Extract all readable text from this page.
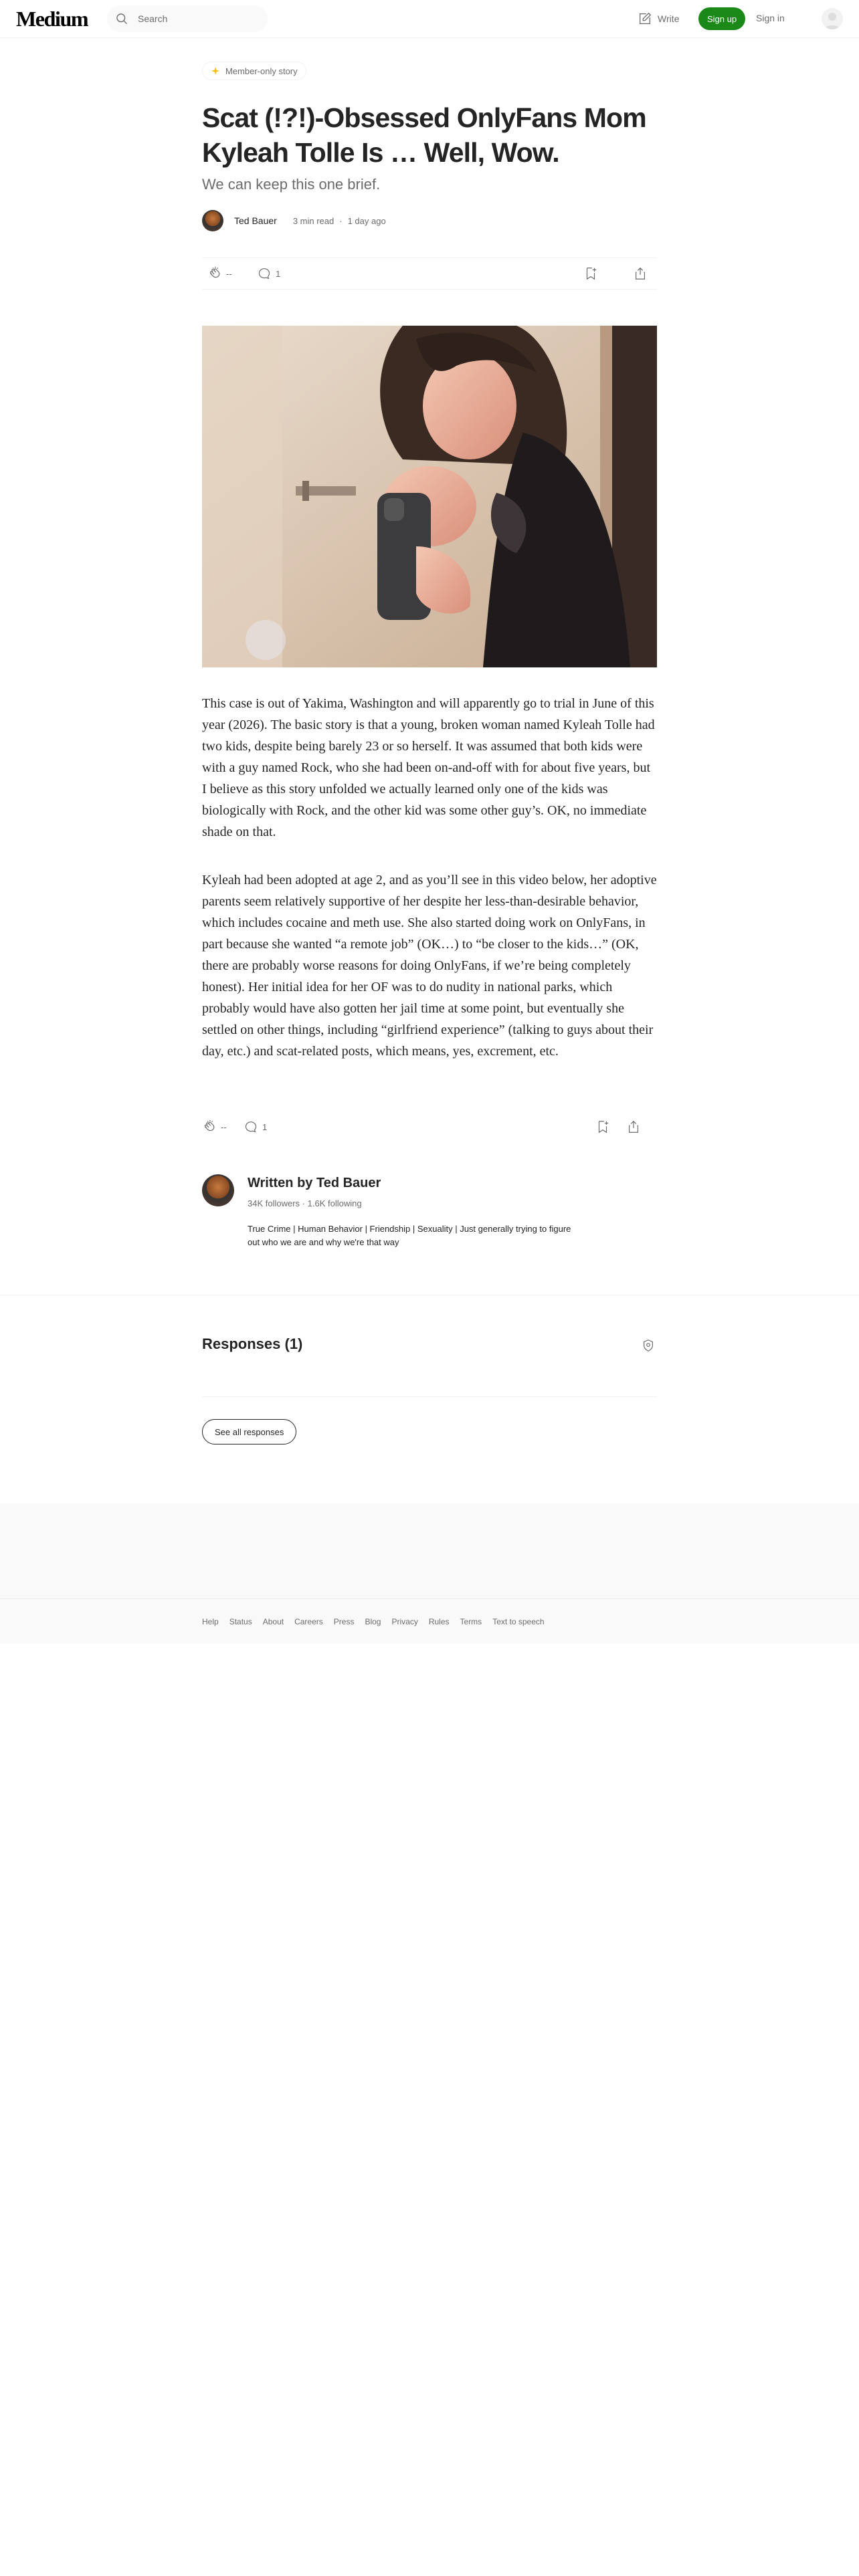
Medium	Search	Write	Sign up	Sign in
Member-only story
Scat (!?!)-Obsessed OnlyFans Mom Kyleah Tolle Is … Well, Wow.
We can keep this one brief.
Ted Bauer 3 min read · 1 day ago
--	1

This case is out of Yakima, Washington and will apparently go to trial in June of this year (2026). The basic story is that a young, broken woman named Kyleah Tolle had two kids, despite being barely 23 or so herself. It was assumed that both kids were with a guy named Rock, who she had been on-and-off with for about five years, but I believe as this story unfolded we actually learned only one of the kids was biologically with Rock, and the other kid was some other guy’s. OK, no immediate shade on that.

Kyleah had been adopted at age 2, and as you’ll see in this video below, her adoptive parents seem relatively supportive of her despite her less-than-desirable behavior, which includes cocaine and meth use. She also started doing work on OnlyFans, in part because she wanted “a remote job” (OK…) to “be closer to the kids…” (OK, there are probably worse reasons for doing OnlyFans, if we’re being completely honest). Her initial idea for her OF was to do nudity in national parks, which probably would have also gotten her jail time at some point, but eventually she settled on other things, including “girlfriend experience” (talking to guys about their day, etc.) and scat-related posts, which means, yes, excrement, etc.

--	1
Written by Ted Bauer
34K followers · 1.6K following
True Crime | Human Behavior | Friendship | Sexuality | Just generally trying to figure out who we are and why we're that way
Responses (1)
See all responses
Help Status About Careers Press Blog Privacy Rules Terms Text to speech
